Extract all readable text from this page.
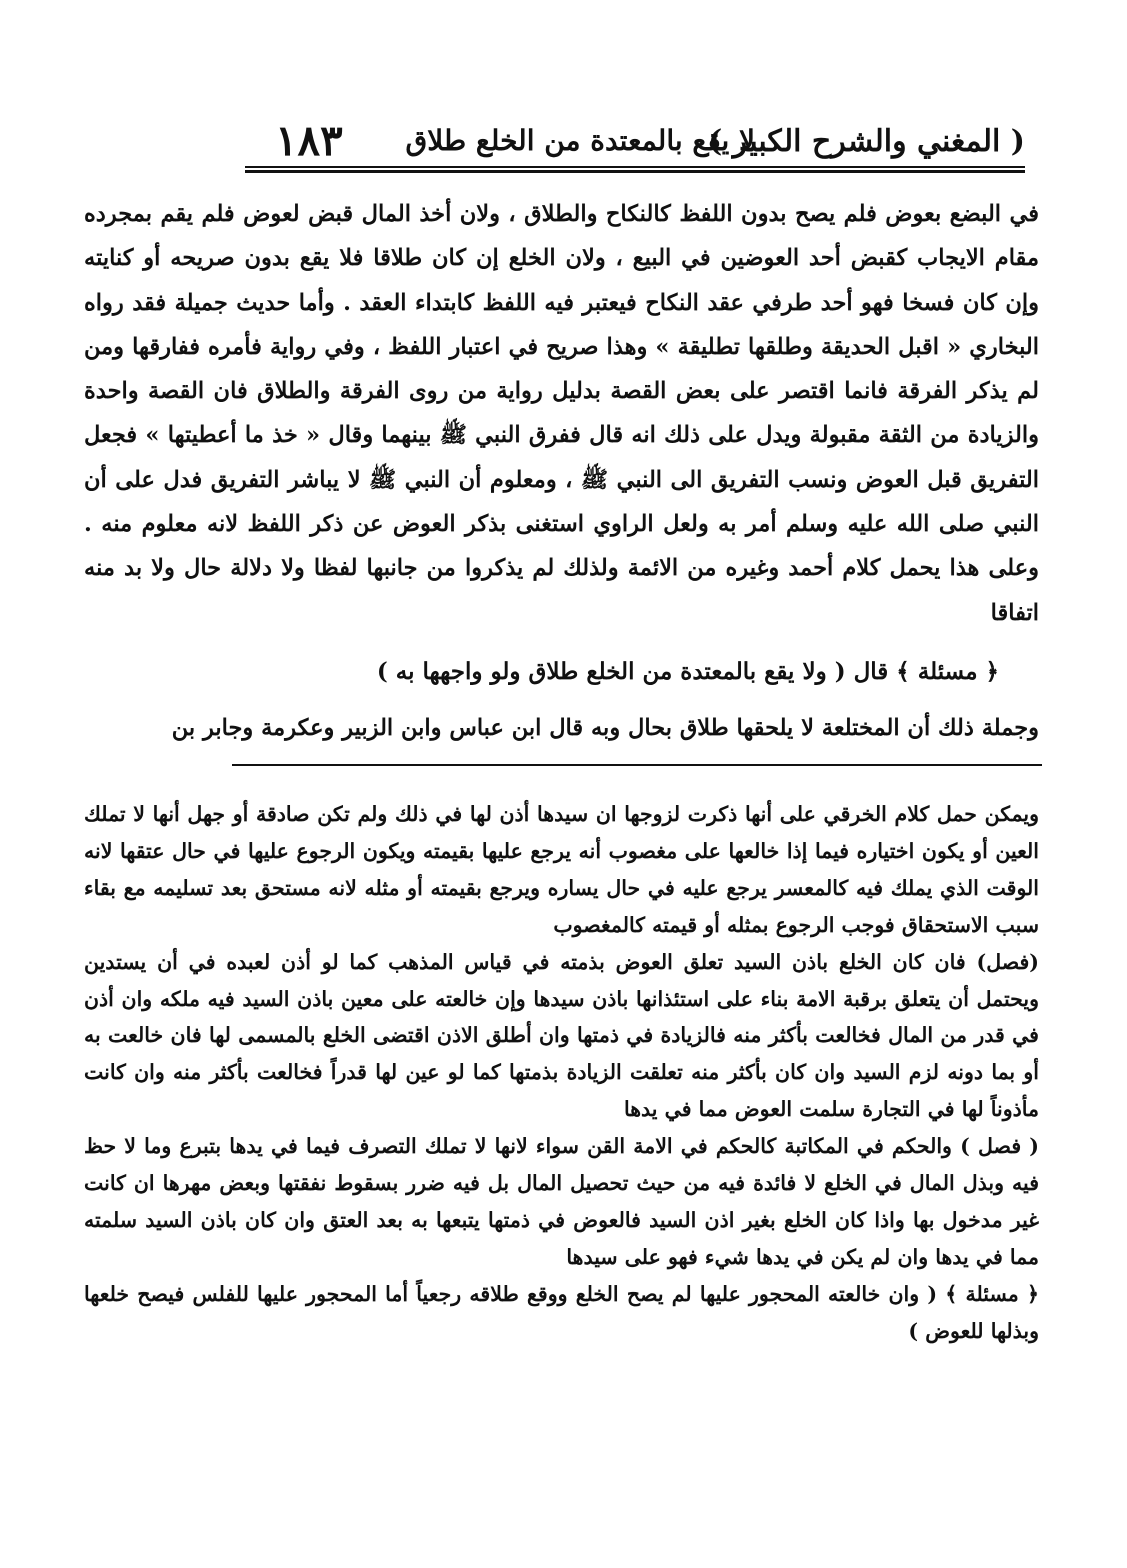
( المغني والشرح الكبير )
لا يقع بالمعتدة من الخلع طلاق
١٨٣
في البضع بعوض فلم يصح بدون اللفظ كالنكاح والطلاق ، ولان أخذ المال قبض لعوض فلم يقم بمجرده مقام الايجاب كقبض أحد العوضين في البيع ، ولان الخلع إن كان طلاقا فلا يقع بدون صريحه أو كنايته وإن كان فسخا فهو أحد طرفي عقد النكاح فيعتبر فيه اللفظ كابتداء العقد . وأما حديث جميلة فقد رواه البخاري « اقبل الحديقة وطلقها تطليقة » وهذا صريح في اعتبار اللفظ ، وفي رواية فأمره ففارقها ومن لم يذكر الفرقة فانما اقتصر على بعض القصة بدليل رواية من روى الفرقة والطلاق فان القصة واحدة والزيادة من الثقة مقبولة ويدل على ذلك انه قال ففرق النبي ﷺ بينهما وقال « خذ ما أعطيتها » فجعل التفريق قبل العوض ونسب التفريق الى النبي ﷺ ، ومعلوم أن النبي ﷺ لا يباشر التفريق فدل على أن النبي صلى الله عليه وسلم أمر به ولعل الراوي استغنى بذكر العوض عن ذكر اللفظ لانه معلوم منه . وعلى هذا يحمل كلام أحمد وغيره من الائمة ولذلك لم يذكروا من جانبها لفظا ولا دلالة حال ولا بد منه اتفاقا
﴿ مسئلة ﴾ قال ( ولا يقع بالمعتدة من الخلع طلاق ولو واجهها به )
وجملة ذلك أن المختلعة لا يلحقها طلاق بحال وبه قال ابن عباس وابن الزبير وعكرمة وجابر بن
ويمكن حمل كلام الخرقي على أنها ذكرت لزوجها ان سيدها أذن لها في ذلك ولم تكن صادقة أو جهل أنها لا تملك العين أو يكون اختياره فيما إذا خالعها على مغصوب أنه يرجع عليها بقيمته ويكون الرجوع عليها في حال عتقها لانه الوقت الذي يملك فيه كالمعسر يرجع عليه في حال يساره ويرجع بقيمته أو مثله لانه مستحق بعد تسليمه مع بقاء سبب الاستحقاق فوجب الرجوع بمثله أو قيمته كالمغصوب
(فصل) فان كان الخلع باذن السيد تعلق العوض بذمته في قياس المذهب كما لو أذن لعبده في أن يستدين ويحتمل أن يتعلق برقبة الامة بناء على استئذانها باذن سيدها وإن خالعته على معين باذن السيد فيه ملكه وان أذن في قدر من المال فخالعت بأكثر منه فالزيادة في ذمتها وان أطلق الاذن اقتضى الخلع بالمسمى لها فان خالعت به أو بما دونه لزم السيد وان كان بأكثر منه تعلقت الزيادة بذمتها كما لو عين لها قدراً فخالعت بأكثر منه وان كانت مأذوناً لها في التجارة سلمت العوض مما في يدها
( فصل ) والحكم في المكاتبة كالحكم في الامة القن سواء لانها لا تملك التصرف فيما في يدها بتبرع وما لا حظ فيه وبذل المال في الخلع لا فائدة فيه من حيث تحصيل المال بل فيه ضرر بسقوط نفقتها وبعض مهرها ان كانت غير مدخول بها واذا كان الخلع بغير اذن السيد فالعوض في ذمتها يتبعها به بعد العتق وان كان باذن السيد سلمته مما في يدها وان لم يكن في يدها شيء فهو على سيدها
﴿ مسئلة ﴾ ( وان خالعته المحجور عليها لم يصح الخلع ووقع طلاقه رجعياً أما المحجور عليها للفلس فيصح خلعها وبذلها للعوض )
